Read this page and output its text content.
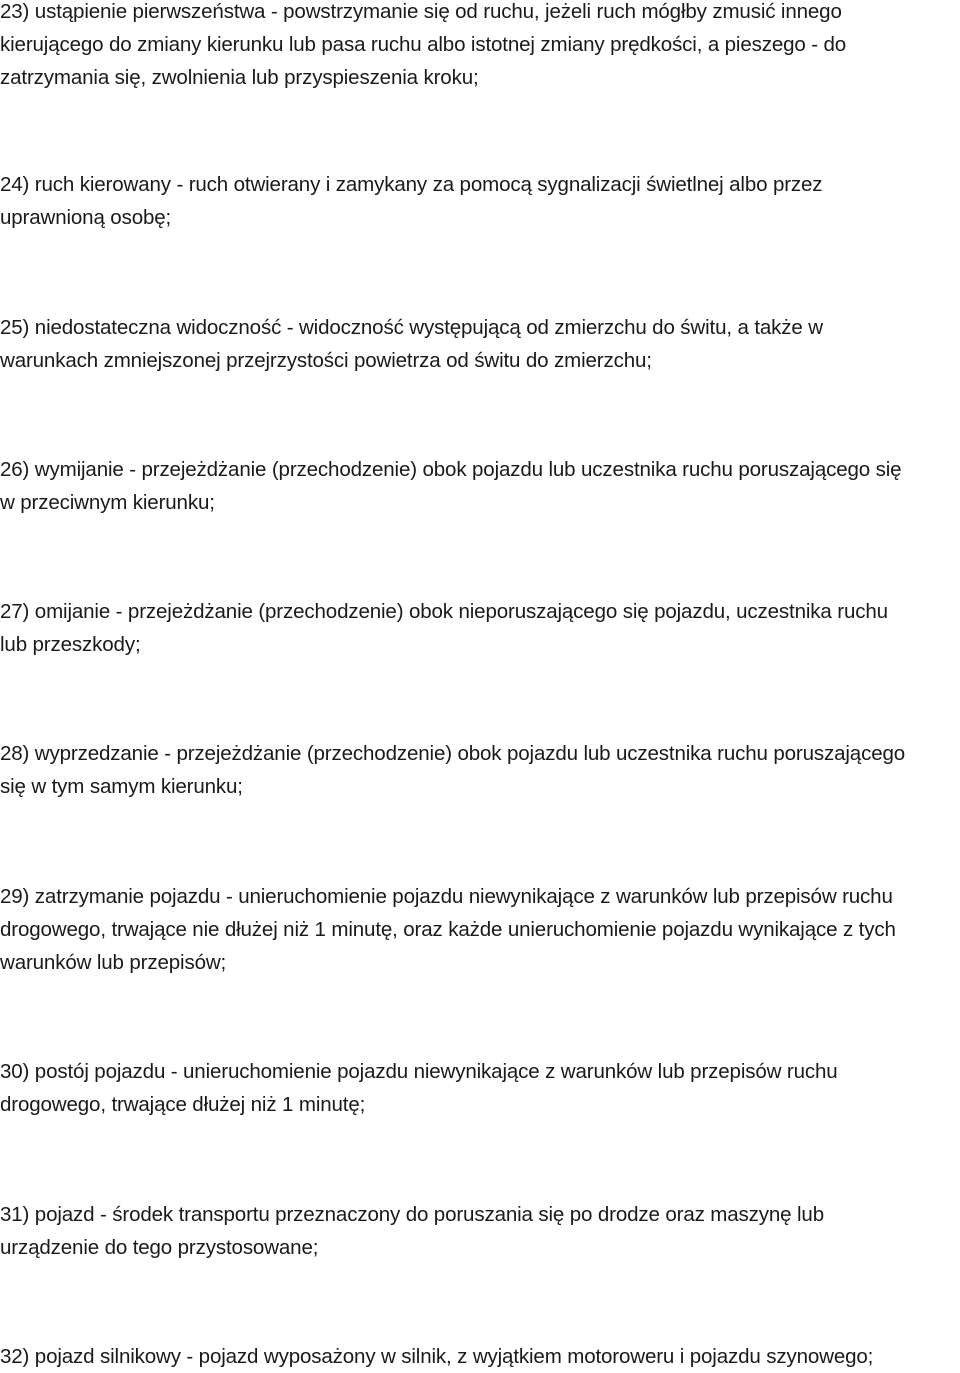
23) ustąpienie pierwszeństwa - powstrzymanie się od ruchu, jeżeli ruch mógłby zmusić innego
kierującego do zmiany kierunku lub pasa ruchu albo istotnej zmiany prędkości, a pieszego - do
zatrzymania się, zwolnienia lub przyspieszenia kroku;

24) ruch kierowany - ruch otwierany i zamykany za pomocą sygnalizacji świetlnej albo przez
uprawnioną osobę;

25) niedostateczna widoczność - widoczność występującą od zmierzchu do świtu, a także w
warunkach zmniejszonej przejrzystości powietrza od świtu do zmierzchu;

26) wymijanie - przejeżdżanie (przechodzenie) obok pojazdu lub uczestnika ruchu poruszającego się
w przeciwnym kierunku;

27) omijanie - przejeżdżanie (przechodzenie) obok nieporuszającego się pojazdu, uczestnika ruchu
lub przeszkody;

28) wyprzedzanie - przejeżdżanie (przechodzenie) obok pojazdu lub uczestnika ruchu poruszającego
się w tym samym kierunku;

29) zatrzymanie pojazdu - unieruchomienie pojazdu niewynikające z warunków lub przepisów ruchu
drogowego, trwające nie dłużej niż 1 minutę, oraz każde unieruchomienie pojazdu wynikające z tych
warunków lub przepisów;

30) postój pojazdu - unieruchomienie pojazdu niewynikające z warunków lub przepisów ruchu
drogowego, trwające dłużej niż 1 minutę;

31) pojazd - środek transportu przeznaczony do poruszania się po drodze oraz maszynę lub
urządzenie do tego przystosowane;

32) pojazd silnikowy - pojazd wyposażony w silnik, z wyjątkiem motoroweru i pojazdu szynowego;
